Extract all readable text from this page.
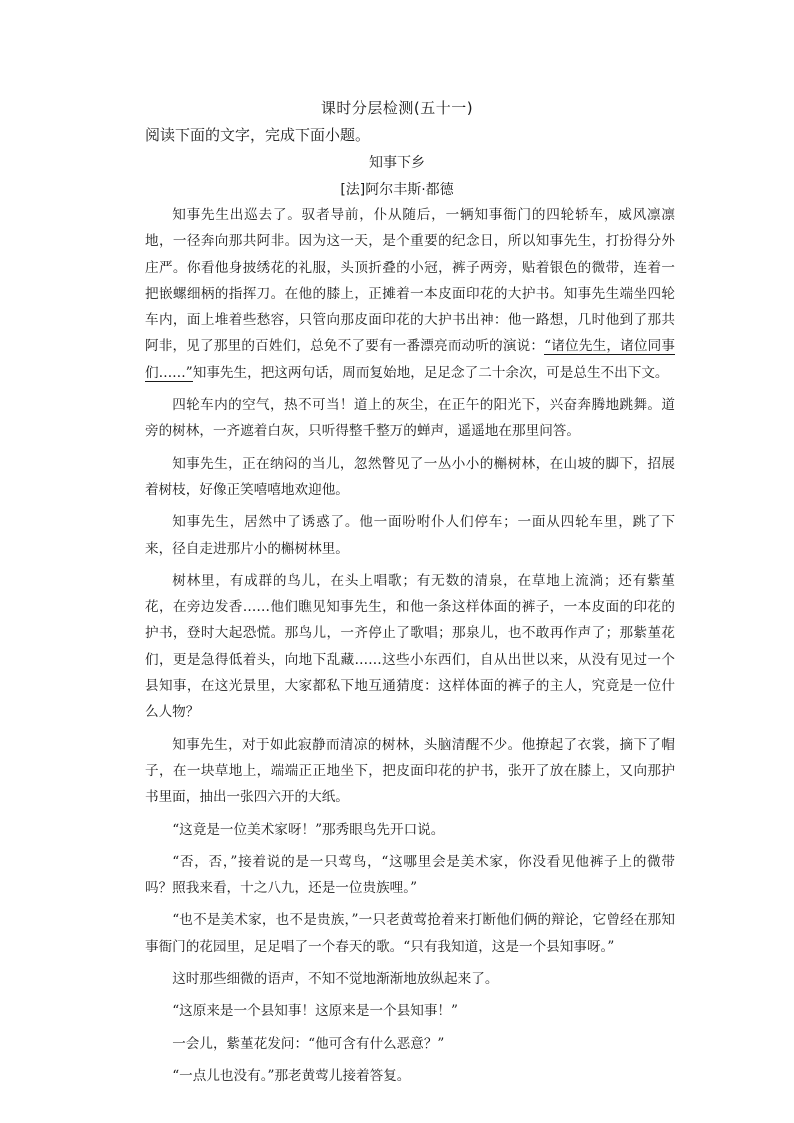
课时分层检测(五十一)
阅读下面的文字，完成下面小题。
知事下乡
[法]阿尔丰斯·都德

知事先生出巡去了。驭者导前，仆从随后，一辆知事衙门的四轮轿车，威风凛凛地，一径奔向那共阿非。因为这一天，是个重要的纪念日，所以知事先生，打扮得分外庄严。你看他身披绣花的礼服，头顶折叠的小冠，裤子两旁，贴着银色的微带，连着一把嵌螺细柄的指挥刀。在他的膝上，正摊着一本皮面印花的大护书。知事先生端坐四轮车内，面上堆着些愁容，只管向那皮面印花的大护书出神：他一路想，几时他到了那共阿非，见了那里的百姓们，总免不了要有一番漂亮而动听的演说：“诸位先生，诸位同事们……”知事先生，把这两句话，周而复始地，足足念了二十余次，可是总生不出下文。

四轮车内的空气，热不可当！道上的灰尘，在正午的阳光下，兴奋奔腾地跳舞。道旁的树林，一齐遮着白灰，只听得整千整万的蝉声，遥遥地在那里问答。

知事先生，正在纳闷的当儿，忽然瞥见了一丛小小的槲树林，在山坡的脚下，招展着树枝，好像正笑嘻嘻地欢迎他。

知事先生，居然中了诱惑了。他一面吩咐仆人们停车；一面从四轮车里，跳了下来，径自走进那片小的槲树林里。

树林里，有成群的鸟儿，在头上唱歌；有无数的清泉，在草地上流淌；还有紫堇花，在旁边发香……他们瞧见知事先生，和他一条这样体面的裤子，一本皮面的印花的护书，登时大起恐慌。那鸟儿，一齐停止了歌唱；那泉儿，也不敢再作声了；那紫堇花们，更是急得低着头，向地下乱藏……这些小东西们，自从出世以来，从没有见过一个县知事，在这光景里，大家都私下地互通猜度：这样体面的裤子的主人，究竟是一位什么人物？

知事先生，对于如此寂静而清凉的树林，头脑清醒不少。他撩起了衣裳，摘下了帽子，在一块草地上，端端正正地坐下，把皮面印花的护书，张开了放在膝上，又向那护书里面，抽出一张四六开的大纸。

“这竟是一位美术家呀！”那秀眼鸟先开口说。

“否，否，”接着说的是一只莺鸟，“这哪里会是美术家，你没看见他裤子上的微带吗？照我来看，十之八九，还是一位贵族哩。”

“也不是美术家，也不是贵族，”一只老黄莺抢着来打断他们俩的辩论，它曾经在那知事衙门的花园里，足足唱了一个春天的歌。“只有我知道，这是一个县知事呀。”

这时那些细微的语声，不知不觉地渐渐地放纵起来了。

“这原来是一个县知事！这原来是一个县知事！”

一会儿，紫堇花发问：“他可含有什么恶意？”

“一点儿也没有。”那老黄莺儿接着答复。
